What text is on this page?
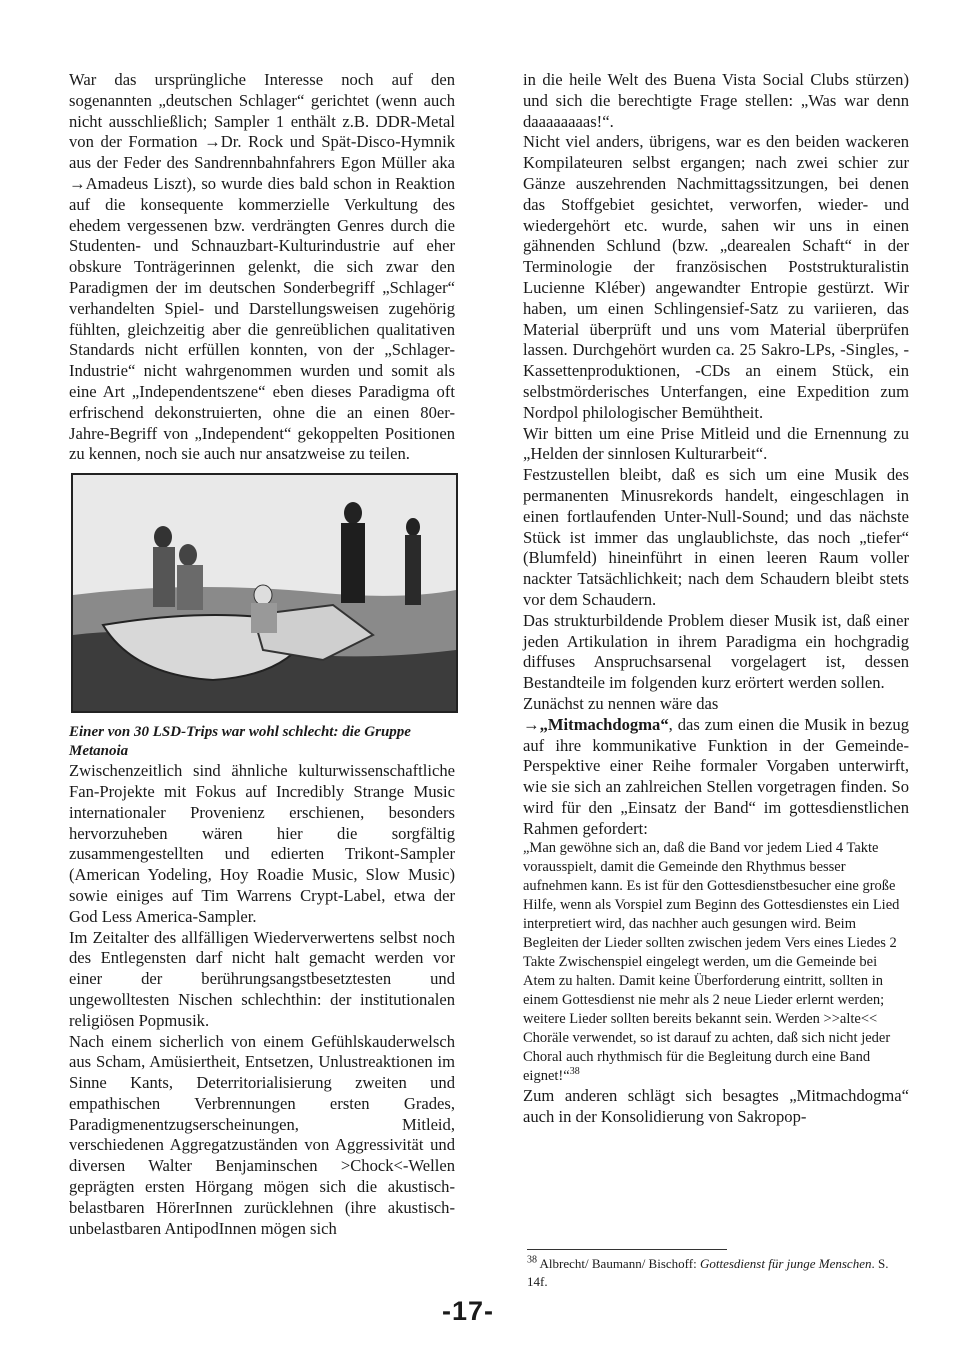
War das ursprüngliche Interesse noch auf den sogenannten „deutschen Schlager“ gerichtet (wenn auch nicht ausschließlich; Sampler 1 enthält z.B. DDR-Metal von der Formation →Dr. Rock und Spät-Disco-Hymnik aus der Feder des Sandrennbahnfahrers Egon Müller aka →Amadeus Liszt), so wurde dies bald schon in Reaktion auf die konsequente kommerzielle Verkultung des ehedem vergessenen bzw. verdrängten Genres durch die Studenten- und Schnauzbart-Kulturindustrie auf eher obskure Tonträgerinnen gelenkt, die sich zwar den Paradigmen der im deutschen Sonderbegriff „Schlager“ verhandelten Spiel- und Darstellungsweisen zugehörig fühlten, gleichzeitig aber die genreüblichen qualitativen Standards nicht erfüllen konnten, von der „Schlager-Industrie“ nicht wahrgenommen wurden und somit als eine Art „Independentszene“ eben dieses Paradigma oft erfrischend dekonstruierten, ohne die an einen 80er-Jahre-Begriff von „Independent“ gekoppelten Positionen zu kennen, noch sie auch nur ansatzweise zu teilen.

Einer von 30 LSD-Trips war wohl schlecht: die Gruppe Metanoia

Zwischenzeitlich sind ähnliche kulturwissenschaftliche Fan-Projekte mit Fokus auf Incredibly Strange Music internationaler Provenienz erschienen, besonders hervorzuheben wären hier die sorgfältig zusammengestellten und edierten Trikont-Sampler (American Yodeling, Hoy Roadie Music, Slow Music) sowie einiges auf Tim Warrens Crypt-Label, etwa der God Less America-Sampler.

Im Zeitalter des allfälligen Wiederverwertens selbst noch des Entlegensten darf nicht halt gemacht werden vor einer der berührungsangstbesetztesten und ungewolltesten Nischen schlechthin: der institutionalen religiösen Popmusik.

Nach einem sicherlich von einem Gefühlskauderwelsch aus Scham, Amüsiertheit, Entsetzen, Unlustreaktionen im Sinne Kants, Deterritorialisierung zweiten und empathischen Verbrennungen ersten Grades, Paradigmenentzugserscheinungen, Mitleid, verschiedenen Aggregatzuständen von Aggressivität und diversen Walter Benjaminschen >Chock<-Wellen geprägten ersten Hörgang mögen sich die akustisch-belastbaren HörerInnen zurücklehnen (ihre akustisch-unbelastbaren AntipodInnen mögen sich

in die heile Welt des Buena Vista Social Clubs stürzen) und sich die berechtigte Frage stellen: „Was war denn daaaaaaaas!“.

Nicht viel anders, übrigens, war es den beiden wackeren Kompilateuren selbst ergangen; nach zwei schier zur Gänze auszehrenden Nachmittagssitzungen, bei denen das Stoffgebiet gesichtet, verworfen, wieder- und wiedergehört etc. wurde, sahen wir uns in einen gähnenden Schlund (bzw. „dearealen Schaft“ in der Terminologie der französischen Poststrukturalistin Lucienne Kléber) angewandter Entropie gestürzt. Wir haben, um einen Schlingensief-Satz zu variieren, das Material überprüft und uns vom Material überprüfen lassen. Durchgehört wurden ca. 25 Sakro-LPs, -Singles, -Kassettenproduktionen, -CDs an einem Stück, ein selbstmörderisches Unterfangen, eine Expedition zum Nordpol philologischer Bemühtheit.

Wir bitten um eine Prise Mitleid und die Ernennung zu „Helden der sinnlosen Kulturarbeit“.

Festzustellen bleibt, daß es sich um eine Musik des permanenten Minusrekords handelt, eingeschlagen in einen fortlaufenden Unter-Null-Sound; und das nächste Stück ist immer das unglaublichste, das noch „tiefer“ (Blumfeld) hineinführt in einen leeren Raum voller nackter Tatsächlichkeit; nach dem Schaudern bleibt stets vor dem Schaudern.

Das strukturbildende Problem dieser Musik ist, daß einer jeden Artikulation in ihrem Paradigma ein hochgradig diffuses Anspruchsarsenal vorgelagert ist, dessen Bestandteile im folgenden kurz erörtert werden sollen.

Zunächst zu nennen wäre das

→„Mitmachdogma“, das zum einen die Musik in bezug auf ihre kommunikative Funktion in der Gemeinde-Perspektive einer Reihe formaler Vorgaben unterwirft, wie sie sich an zahlreichen Stellen vorgetragen finden. So wird für den „Einsatz der Band“ im gottesdienstlichen Rahmen gefordert:

„Man gewöhne sich an, daß die Band vor jedem Lied 4 Takte vorausspielt, damit die Gemeinde den Rhythmus besser aufnehmen kann. Es ist für den Gottesdienstbesucher eine große Hilfe, wenn als Vorspiel zum Beginn des Gottesdienstes ein Lied interpretiert wird, das nachher auch gesungen wird. Beim Begleiten der Lieder sollten zwischen jedem Vers eines Liedes 2 Takte Zwischenspiel eingelegt werden, um die Gemeinde bei Atem zu halten. Damit keine Überforderung eintritt, sollten in einem Gottesdienst nie mehr als 2 neue Lieder erlernt werden; weitere Lieder sollten bereits bekannt sein. Werden >>alte<< Choräle verwendet, so ist darauf zu achten, daß sich nicht jeder Choral auch rhythmisch für die Begleitung durch eine Band eignet!“$^{38}$

Zum anderen schlägt sich besagtes „Mitmachdogma“ auch in der Konsolidierung von Sakropop-

$^{38}$ Albrecht/ Baumann/ Bischoff: Gottesdienst für junge Menschen. S. 14f.
-17-
